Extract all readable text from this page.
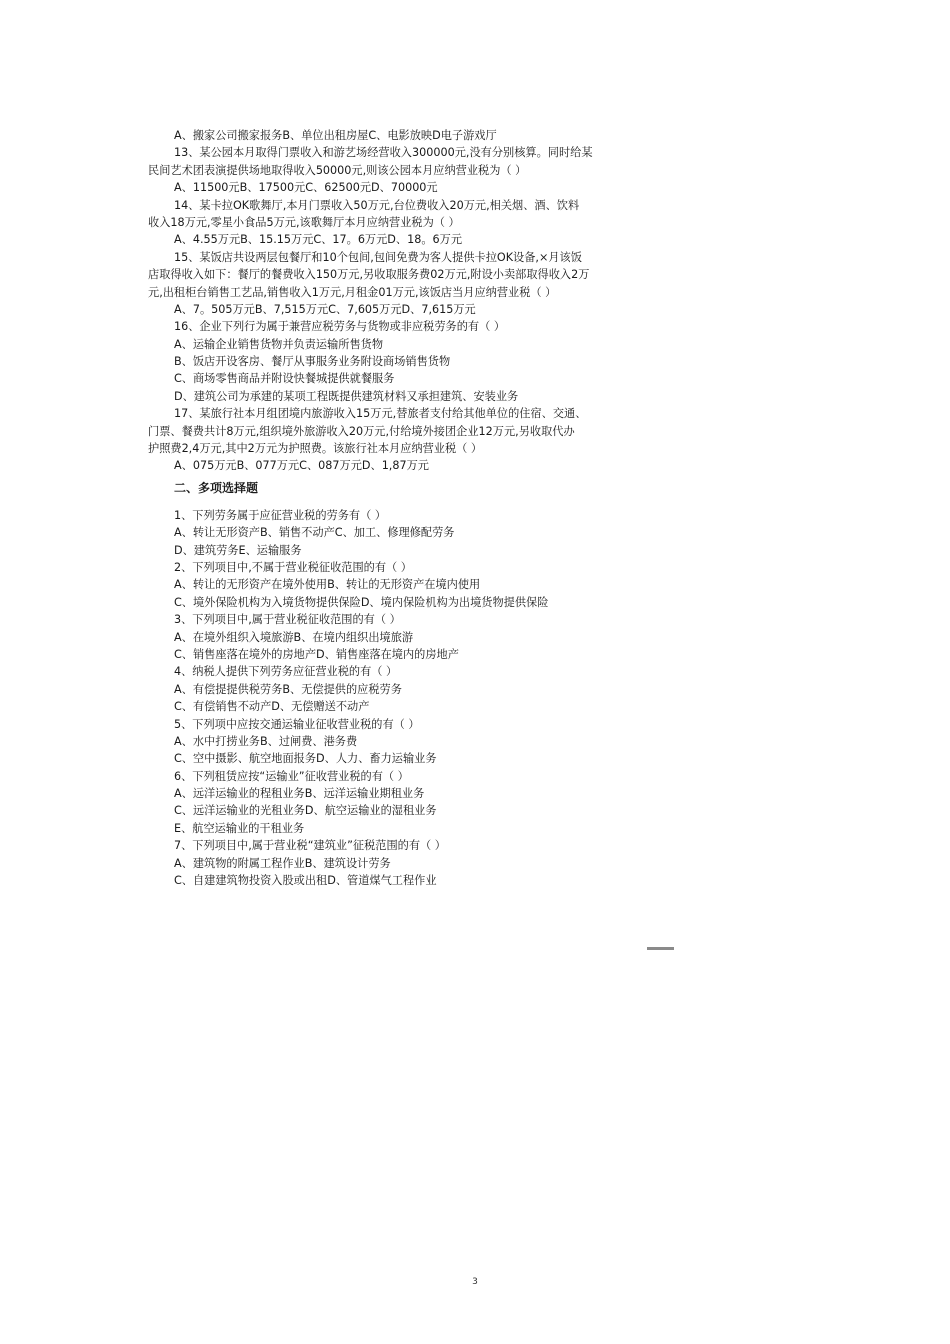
A、搬家公司搬家报务B、单位出租房屋C、电影放映D电子游戏厅
13、某公园本月取得门票收入和游艺场经营收入300000元,没有分别核算。同时给某
民间艺术团表演提供场地取得收入50000元,则该公园本月应纳营业税为（ ）
A、11500元B、17500元C、62500元D、70000元
14、某卡拉OK歌舞厅,本月门票收入50万元,台位费收入20万元,相关烟、酒、饮料
收入18万元,零星小食品5万元,该歌舞厅本月应纳营业税为（ ）
A、4.55万元B、15.15万元C、17。6万元D、18。6万元
15、某饭店共设两层包餐厅和10个包间,包间免费为客人提供卡拉OK设备,×月该饭
店取得收入如下：餐厅的餐费收入150万元,另收取服务费02万元,附设小卖部取得收入2万
元,出租柜台销售工艺品,销售收入1万元,月租金01万元,该饭店当月应纳营业税（ ）
A、7。505万元B、7,515万元C、7,605万元D、7,615万元
16、企业下列行为属于兼营应税劳务与货物或非应税劳务的有（ ）
A、运输企业销售货物并负责运输所售货物
B、饭店开设客房、餐厅从事服务业务附设商场销售货物
C、商场零售商品并附设快餐城提供就餐服务
D、建筑公司为承建的某项工程既提供建筑材料又承担建筑、安装业务
17、某旅行社本月组团境内旅游收入15万元,替旅者支付给其他单位的住宿、交通、
门票、餐费共计8万元,组织境外旅游收入20万元,付给境外接团企业12万元,另收取代办
护照费2,4万元,其中2万元为护照费。该旅行社本月应纳营业税（ ）
A、075万元B、077万元C、087万元D、1,87万元
二、多项选择题
1、下列劳务属于应征营业税的劳务有（ ）
A、转让无形资产B、销售不动产C、加工、修理修配劳务
D、建筑劳务E、运输服务
2、下列项目中,不属于营业税征收范围的有（ ）
A、转让的无形资产在境外使用B、转让的无形资产在境内使用
C、境外保险机构为入境货物提供保险D、境内保险机构为出境货物提供保险
3、下列项目中,属于营业税征收范围的有（ ）
A、在境外组织入境旅游B、在境内组织出境旅游
C、销售座落在境外的房地产D、销售座落在境内的房地产
4、纳税人提供下列劳务应征营业税的有（ ）
A、有偿提提供税劳务B、无偿提供的应税劳务
C、有偿销售不动产D、无偿赠送不动产
5、下列项中应按交通运输业征收营业税的有（ ）
A、水中打捞业务B、过闸费、港务费
C、空中摄影、航空地面报务D、人力、畜力运输业务
6、下列租赁应按“运输业”征收营业税的有（ ）
A、远洋运输业的程租业务B、远洋运输业期租业务
C、远洋运输业的光租业务D、航空运输业的湿租业务
E、航空运输业的干租业务
7、下列项目中,属于营业税“建筑业”征税范围的有（ ）
A、建筑物的附属工程作业B、建筑设计劳务
C、自建建筑物投资入股或出租D、管道煤气工程作业
3
